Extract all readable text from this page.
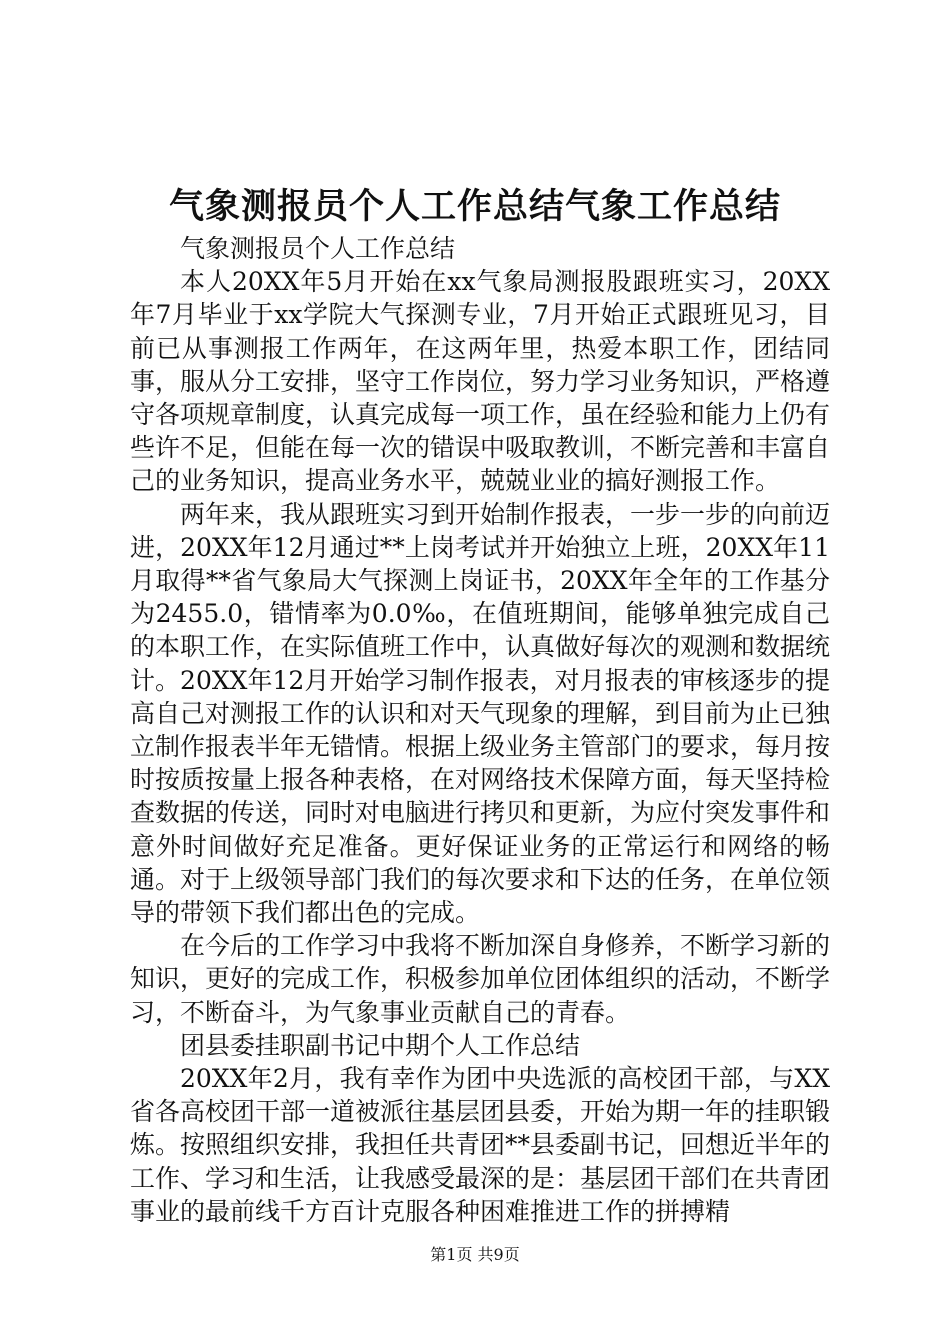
气象测报员个人工作总结气象工作总结

气象测报员个人工作总结

本人20XX年5月开始在xx气象局测报股跟班实习，20XX年7月毕业于xx学院大气探测专业，7月开始正式跟班见习，目前已从事测报工作两年，在这两年里，热爱本职工作，团结同事，服从分工安排，坚守工作岗位，努力学习业务知识，严格遵守各项规章制度，认真完成每一项工作，虽在经验和能力上仍有些许不足，但能在每一次的错误中吸取教训，不断完善和丰富自己的业务知识，提高业务水平，兢兢业业的搞好测报工作。

两年来，我从跟班实习到开始制作报表，一步一步的向前迈进，20XX年12月通过**上岗考试并开始独立上班，20XX年11月取得**省气象局大气探测上岗证书，20XX年全年的工作基分为2455.0，错情率为0.0‰，在值班期间，能够单独完成自己的本职工作，在实际值班工作中，认真做好每次的观测和数据统计。20XX年12月开始学习制作报表，对月报表的审核逐步的提高自己对测报工作的认识和对天气现象的理解，到目前为止已独立制作报表半年无错情。根据上级业务主管部门的要求，每月按时按质按量上报各种表格，在对网络技术保障方面，每天坚持检查数据的传送，同时对电脑进行拷贝和更新，为应付突发事件和意外时间做好充足准备。更好保证业务的正常运行和网络的畅通。对于上级领导部门我们的每次要求和下达的任务，在单位领导的带领下我们都出色的完成。

在今后的工作学习中我将不断加深自身修养，不断学习新的知识，更好的完成工作，积极参加单位团体组织的活动，不断学习，不断奋斗，为气象事业贡献自己的青春。

团县委挂职副书记中期个人工作总结

20XX年2月，我有幸作为团中央选派的高校团干部，与XX省各高校团干部一道被派往基层团县委，开始为期一年的挂职锻炼。按照组织安排，我担任共青团**县委副书记，回想近半年的工作、学习和生活，让我感受最深的是：基层团干部们在共青团事业的最前线千方百计克服各种困难推进工作的拼搏精

第1页 共9页
